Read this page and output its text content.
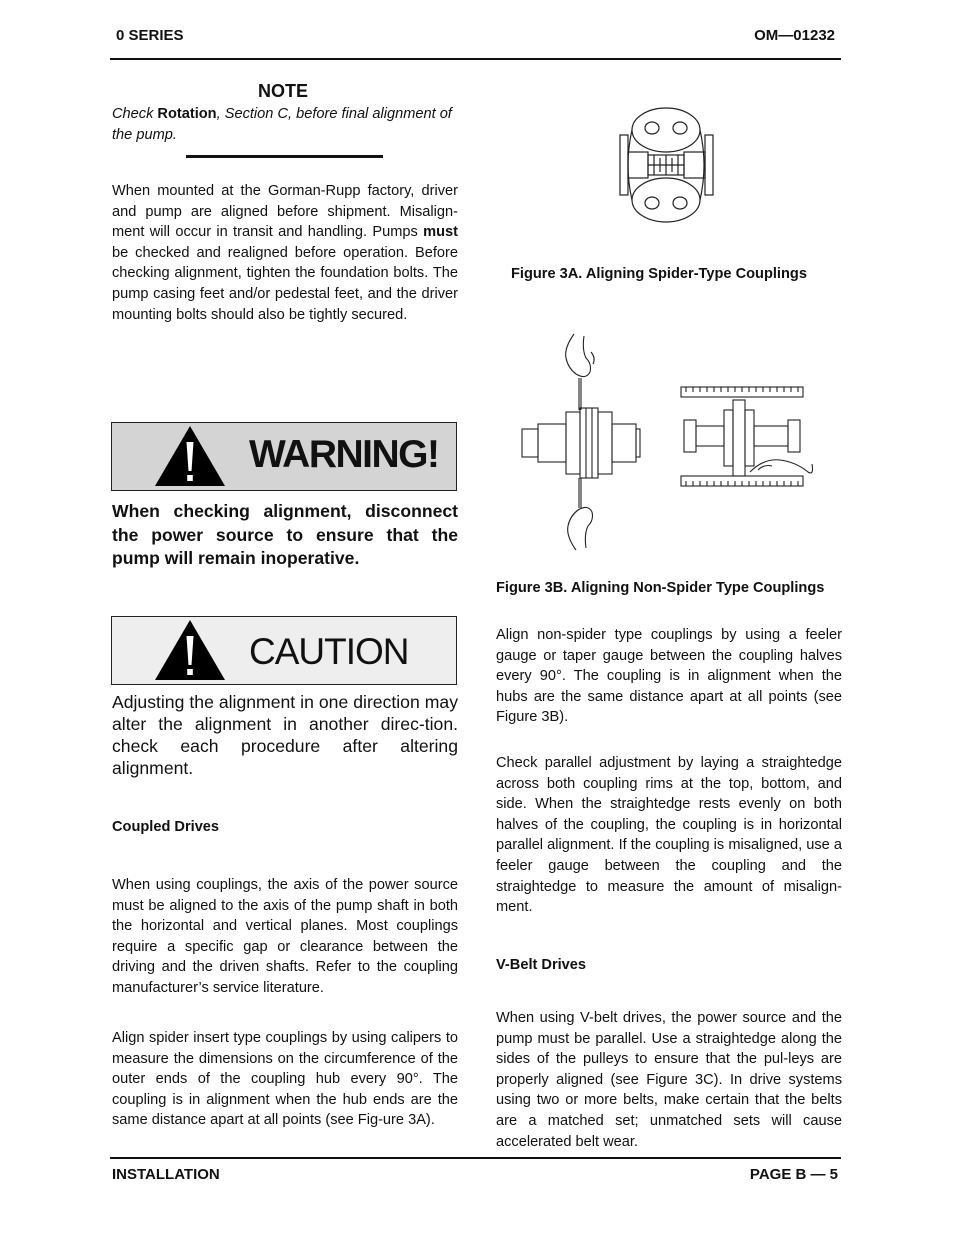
0 SERIES	OM—01232
NOTE

Check Rotation, Section C, before final alignment of the pump.

When mounted at the Gorman-Rupp factory, driver and pump are aligned before shipment. Misalign-ment will occur in transit and handling. Pumps must be checked and realigned before operation. Before checking alignment, tighten the foundation bolts. The pump casing feet and/or pedestal feet, and the driver mounting bolts should also be tightly secured.

WARNING!

When checking alignment, disconnect the power source to ensure that the pump will remain inoperative.

CAUTION

Adjusting the alignment in one direction may alter the alignment in another direc-tion. check each procedure after altering alignment.

Coupled Drives

When using couplings, the axis of the power source must be aligned to the axis of the pump shaft in both the horizontal and vertical planes. Most couplings require a specific gap or clearance between the driving and the driven shafts. Refer to the coupling manufacturer’s service literature.

Align spider insert type couplings by using calipers to measure the dimensions on the circumference of the outer ends of the coupling hub every 90°. The coupling is in alignment when the hub ends are the same distance apart at all points (see Fig-ure 3A).

Figure 3A. Aligning Spider-Type Couplings
Figure 3B. Aligning Non-Spider Type Couplings

Align non-spider type couplings by using a feeler gauge or taper gauge between the coupling halves every 90°. The coupling is in alignment when the hubs are the same distance apart at all points (see Figure 3B).

Check parallel adjustment by laying a straightedge across both coupling rims at the top, bottom, and side. When the straightedge rests evenly on both halves of the coupling, the coupling is in horizontal parallel alignment. If the coupling is misaligned, use a feeler gauge between the coupling and the straightedge to measure the amount of misalign-ment.

V-Belt Drives

When using V-belt drives, the power source and the pump must be parallel. Use a straightedge along the sides of the pulleys to ensure that the pul-leys are properly aligned (see Figure 3C). In drive systems using two or more belts, make certain that the belts are a matched set; unmatched sets will cause accelerated belt wear.

INSTALLATION	PAGE B — 5
